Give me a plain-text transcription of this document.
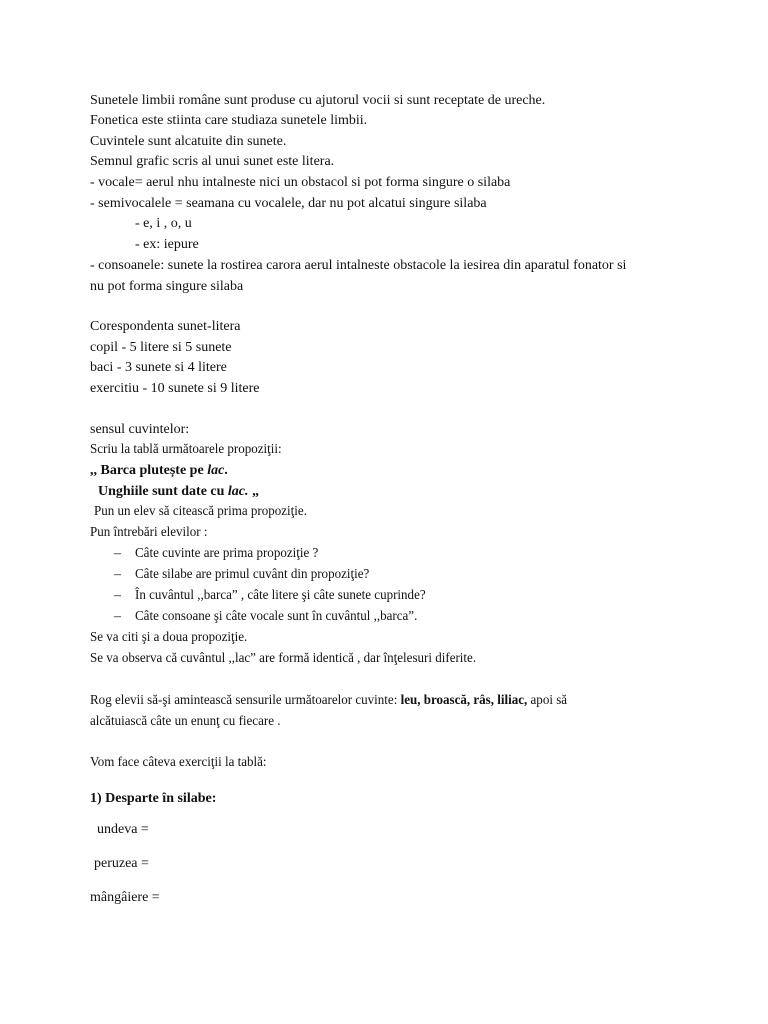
Sunetele limbii române sunt produse cu ajutorul vocii si sunt receptate de ureche.
Fonetica este stiinta care studiaza sunetele limbii.
Cuvintele sunt alcatuite din sunete.
Semnul grafic scris al unui sunet este litera.
- vocale= aerul nhu intalneste nici un obstacol si pot forma singure o silaba
- semivocalele = seamana cu vocalele, dar nu pot alcatui singure silaba
- e, i , o, u
- ex: iepure
- consoanele: sunete la rostirea carora aerul intalneste obstacole la iesirea din aparatul fonator si
nu pot forma singure silaba
Corespondenta sunet-litera
copil - 5 litere si 5 sunete
baci - 3 sunete si 4 litere
exercitiu - 10 sunete si 9 litere
sensul cuvintelor:
Scriu la tablă următoarele propoziţii:
,, Barca plutește pe lac.
Unghiile sunt date cu lac. „
Pun un elev să citească prima propoziţie.
Pun întrebări elevilor :
– Câte cuvinte are prima propoziţie ?
– Câte silabe are primul cuvânt din propoziţie?
– În cuvântul ,,barca” , câte litere şi câte sunete cuprinde?
– Câte consoane şi câte vocale sunt în cuvântul ,,barca”.
Se va citi şi a doua propoziţie.
Se va observa că cuvântul ,,lac” are formă identică , dar înţelesuri diferite.
Rog elevii să-şi amintească sensurile următoarelor cuvinte: leu, broască, râs, liliac, apoi să
alcătuiască câte un enunţ cu fiecare .
Vom face câteva exerciţii la tablă:
1) Desparte în silabe:
undeva =
peruzea =
mângâiere =
